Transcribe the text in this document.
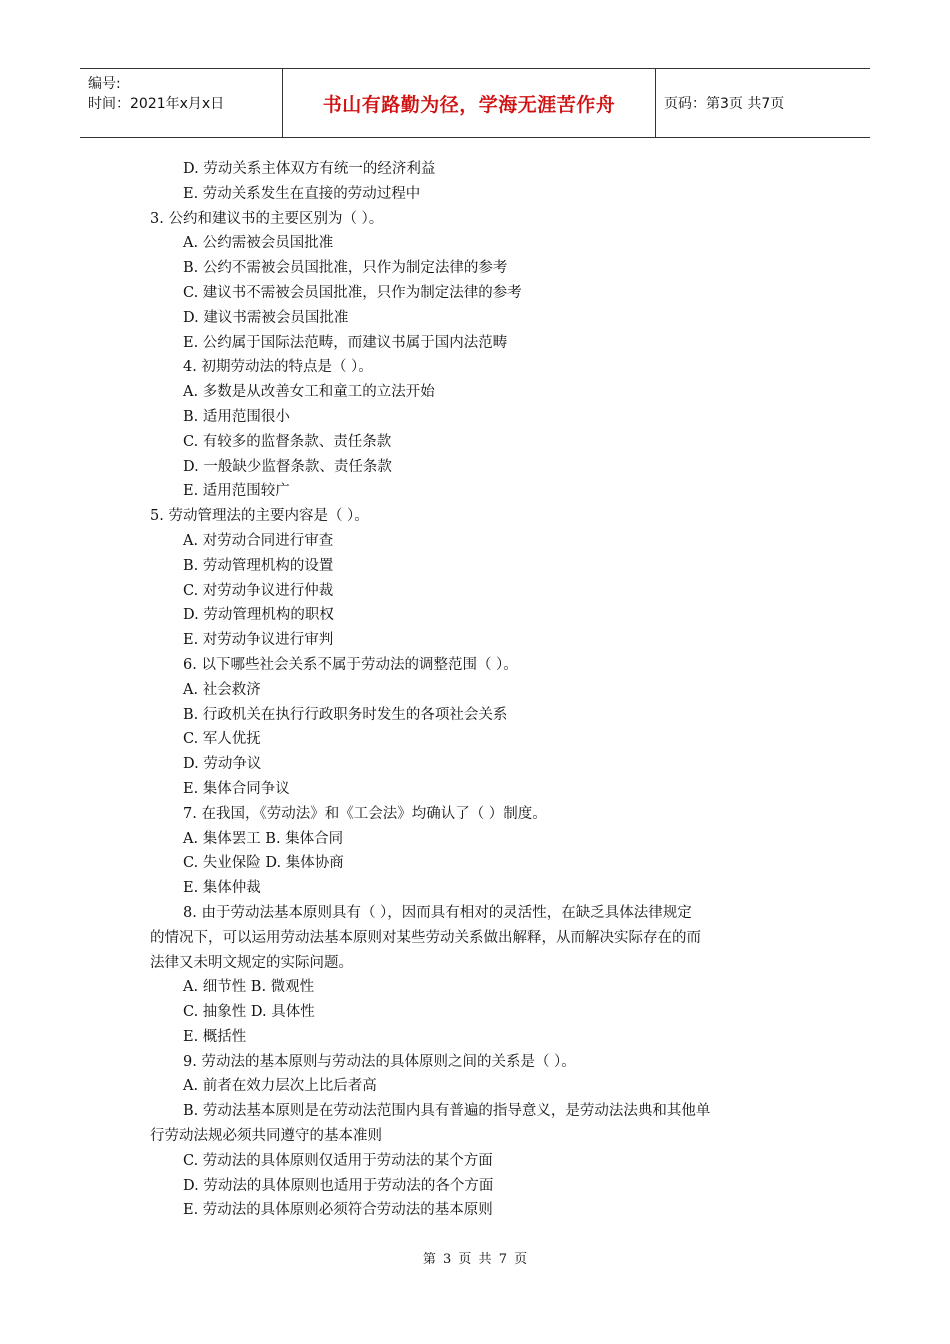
编号:
时间：2021年x月x日	书山有路勤为径，学海无涯苦作舟	页码：第3页 共7页
D. 劳动关系主体双方有统一的经济利益
E. 劳动关系发生在直接的劳动过程中
3. 公约和建议书的主要区别为（ ）。
A. 公约需被会员国批准
B. 公约不需被会员国批准，只作为制定法律的参考
C. 建议书不需被会员国批准，只作为制定法律的参考
D. 建议书需被会员国批准
E. 公约属于国际法范畴，而建议书属于国内法范畴
4. 初期劳动法的特点是（ ）。
A. 多数是从改善女工和童工的立法开始
B. 适用范围很小
C. 有较多的监督条款、责任条款
D. 一般缺少监督条款、责任条款
E. 适用范围较广
5. 劳动管理法的主要内容是（ ）。
A. 对劳动合同进行审查
B. 劳动管理机构的设置
C. 对劳动争议进行仲裁
D. 劳动管理机构的职权
E. 对劳动争议进行审判
6. 以下哪些社会关系不属于劳动法的调整范围（ ）。
A. 社会救济
B. 行政机关在执行行政职务时发生的各项社会关系
C. 军人优抚
D. 劳动争议
E. 集体合同争议
7. 在我国，《劳动法》和《工会法》均确认了（ ）制度。
A. 集体罢工 B. 集体合同
C. 失业保险 D. 集体协商
E. 集体仲裁
8. 由于劳动法基本原则具有（ ），因而具有相对的灵活性，在缺乏具体法律规定
的情况下，可以运用劳动法基本原则对某些劳动关系做出解释，从而解决实际存在的而
法律又未明文规定的实际问题。
A. 细节性 B. 微观性
C. 抽象性 D. 具体性
E. 概括性
9. 劳动法的基本原则与劳动法的具体原则之间的关系是（ ）。
A. 前者在效力层次上比后者高
B. 劳动法基本原则是在劳动法范围内具有普遍的指导意义，是劳动法法典和其他单
行劳动法规必须共同遵守的基本准则
C. 劳动法的具体原则仅适用于劳动法的某个方面
D. 劳动法的具体原则也适用于劳动法的各个方面
E. 劳动法的具体原则必须符合劳动法的基本原则
第 3 页 共 7 页
